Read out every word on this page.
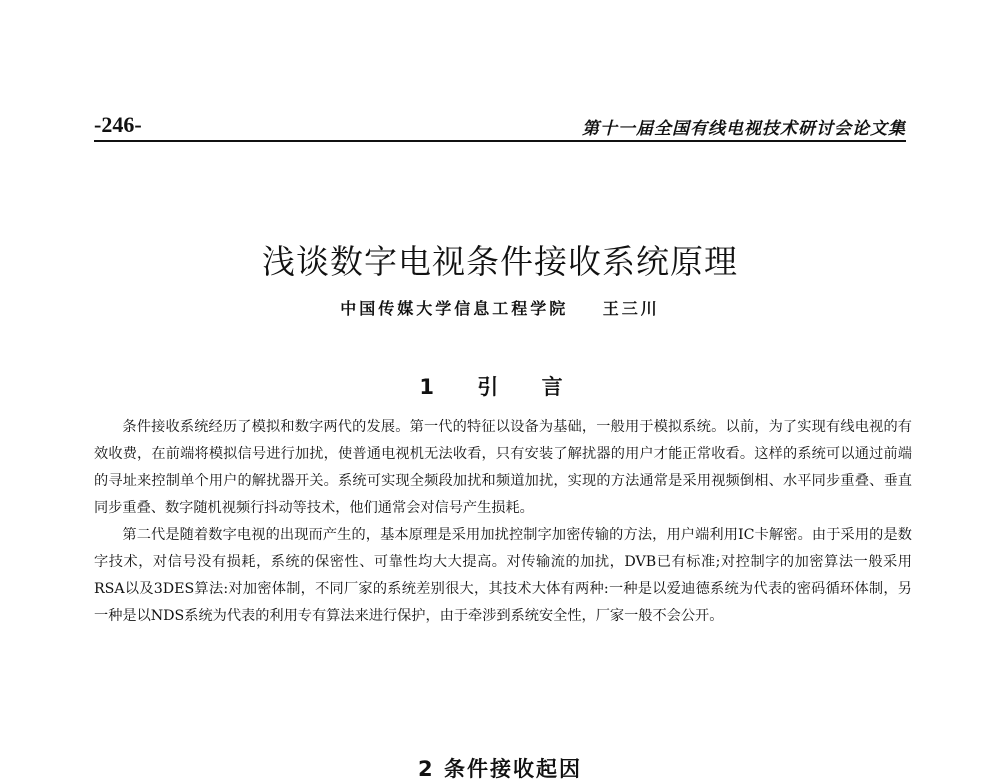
-246-	第十一届全国有线电视技术研讨会论文集
浅谈数字电视条件接收系统原理
中国传媒大学信息工程学院 王三川
1 引 言

条件接收系统经历了模拟和数字两代的发展。第一代的特征以设备为基础，一般用于模拟系统。以前，为了实现有线电视的有效收费，在前端将模拟信号进行加扰，使普通电视机无法收看，只有安装了解扰器的用户才能正常收看。这样的系统可以通过前端的寻址来控制单个用户的解扰器开关。系统可实现全频段加扰和频道加扰，实现的方法通常是采用视频倒相、水平同步重叠、垂直同步重叠、数字随机视频行抖动等技术，他们通常会对信号产生损耗。

第二代是随着数字电视的出现而产生的，基本原理是采用加扰控制字加密传输的方法，用户端利用IC卡解密。由于采用的是数字技术，对信号没有损耗，系统的保密性、可靠性均大大提高。对传输流的加扰，DVB已有标准;对控制字的加密算法一般采用RSA以及3DES算法:对加密体制，不同厂家的系统差别很大，其技术大体有两种:一种是以爱迪德系统为代表的密码循环体制，另一种是以NDS系统为代表的利用专有算法来进行保护，由于牵涉到系统安全性，厂家一般不会公开。

2 条件接收起因
